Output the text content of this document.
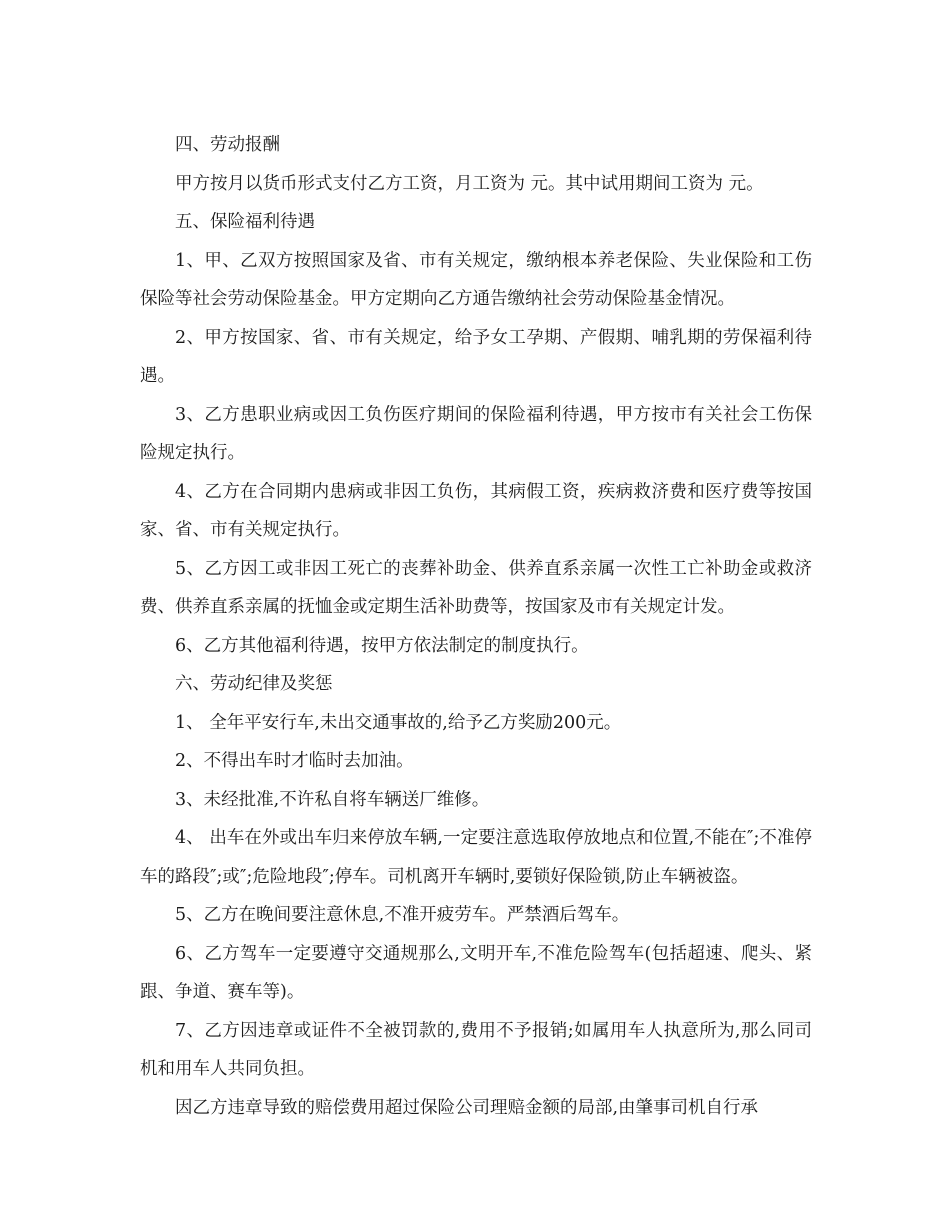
四、劳动报酬

甲方按月以货币形式支付乙方工资，月工资为 元。其中试用期间工资为 元。

五、保险福利待遇

1、甲、乙双方按照国家及省、市有关规定，缴纳根本养老保险、失业保险和工伤保险等社会劳动保险基金。甲方定期向乙方通告缴纳社会劳动保险基金情况。

2、甲方按国家、省、市有关规定，给予女工孕期、产假期、哺乳期的劳保福利待遇。

3、乙方患职业病或因工负伤医疗期间的保险福利待遇，甲方按市有关社会工伤保险规定执行。

4、乙方在合同期内患病或非因工负伤，其病假工资，疾病救济费和医疗费等按国家、省、市有关规定执行。

5、乙方因工或非因工死亡的丧葬补助金、供养直系亲属一次性工亡补助金或救济费、供养直系亲属的抚恤金或定期生活补助费等，按国家及市有关规定计发。

6、乙方其他福利待遇，按甲方依法制定的制度执行。

六、劳动纪律及奖惩

1、 全年平安行车,未出交通事故的,给予乙方奖励200元。

2、不得出车时才临时去加油。

3、未经批准,不许私自将车辆送厂维修。

4、 出车在外或出车归来停放车辆,一定要注意选取停放地点和位置,不能在″;不准停车的路段″;或″;危险地段″;停车。司机离开车辆时,要锁好保险锁,防止车辆被盗。

5、乙方在晚间要注意休息,不准开疲劳车。严禁酒后驾车。

6、乙方驾车一定要遵守交通规那么,文明开车,不准危险驾车(包括超速、爬头、紧跟、争道、赛车等)。

7、乙方因违章或证件不全被罚款的,费用不予报销;如属用车人执意所为,那么同司机和用车人共同负担。

因乙方违章导致的赔偿费用超过保险公司理赔金额的局部,由肇事司机自行承
